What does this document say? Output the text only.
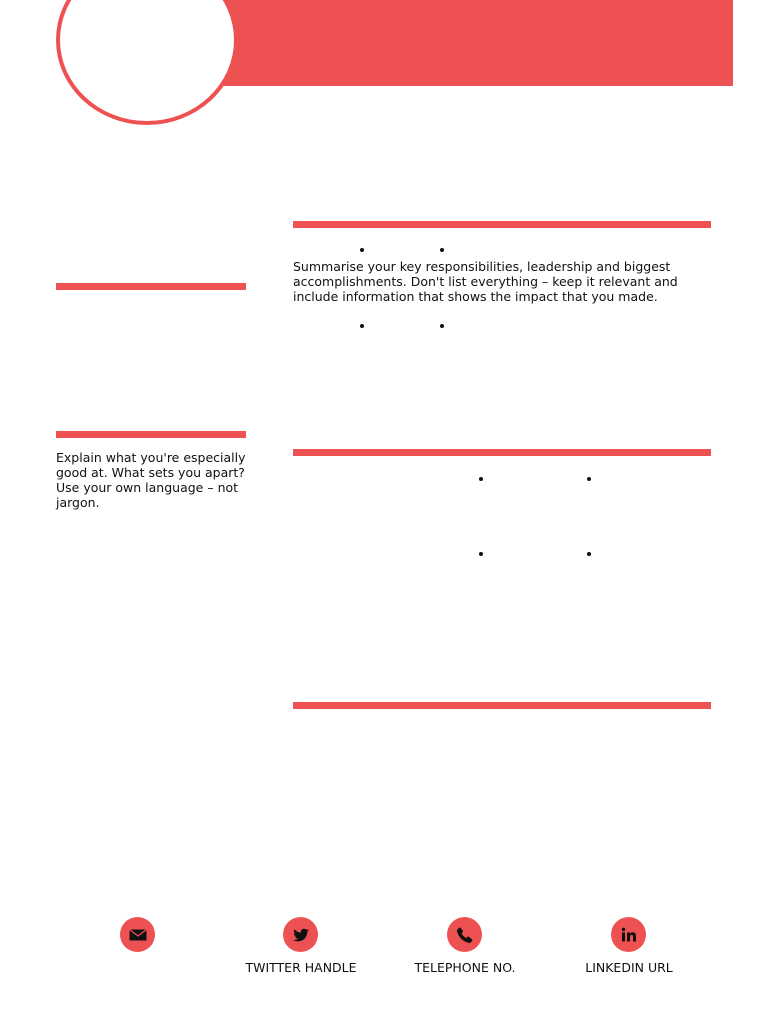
Explain what you're especially good at. What sets you apart? Use your own language – not jargon.

Summarise your key responsibilities, leadership and biggest accomplishments. Don't list everything – keep it relevant and include information that shows the impact that you made.

TWITTER HANDLE	TELEPHONE NO.	LINKEDIN URL
